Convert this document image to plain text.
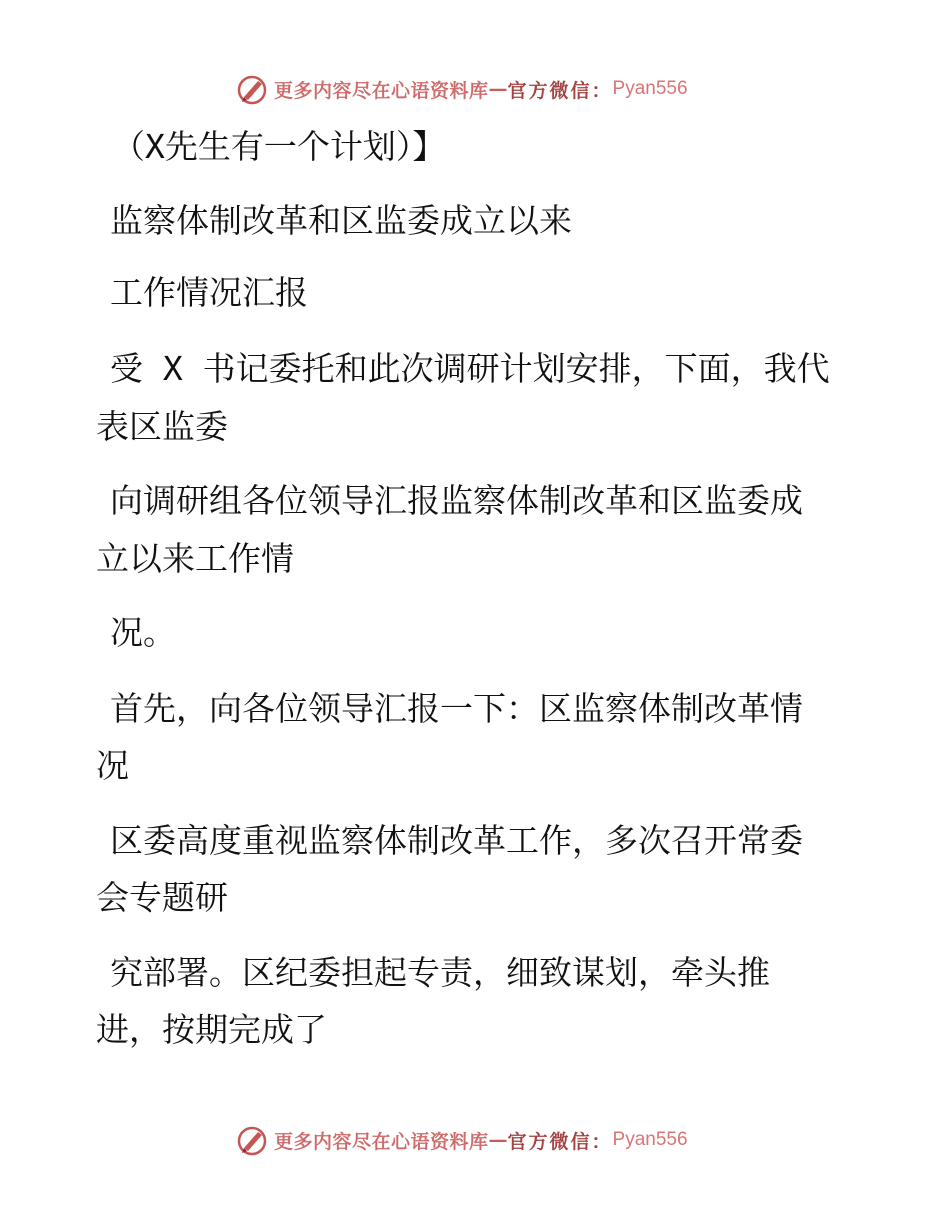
更多内容尽在心语资料库 — 官方微信： Pyan556
（X先生有一个计划）】
监察体制改革和区监委成立以来
工作情况汇报
受 X 书记委托和此次调研计划安排，下面，我代
表区监委
向调研组各位领导汇报监察体制改革和区监委成
立以来工作情
况。
首先，向各位领导汇报一下：区监察体制改革情
况
区委高度重视监察体制改革工作，多次召开常委
会专题研
究部署。区纪委担起专责，细致谋划，牵头推
进，按期完成了
更多内容尽在心语资料库 — 官方微信： Pyan556
